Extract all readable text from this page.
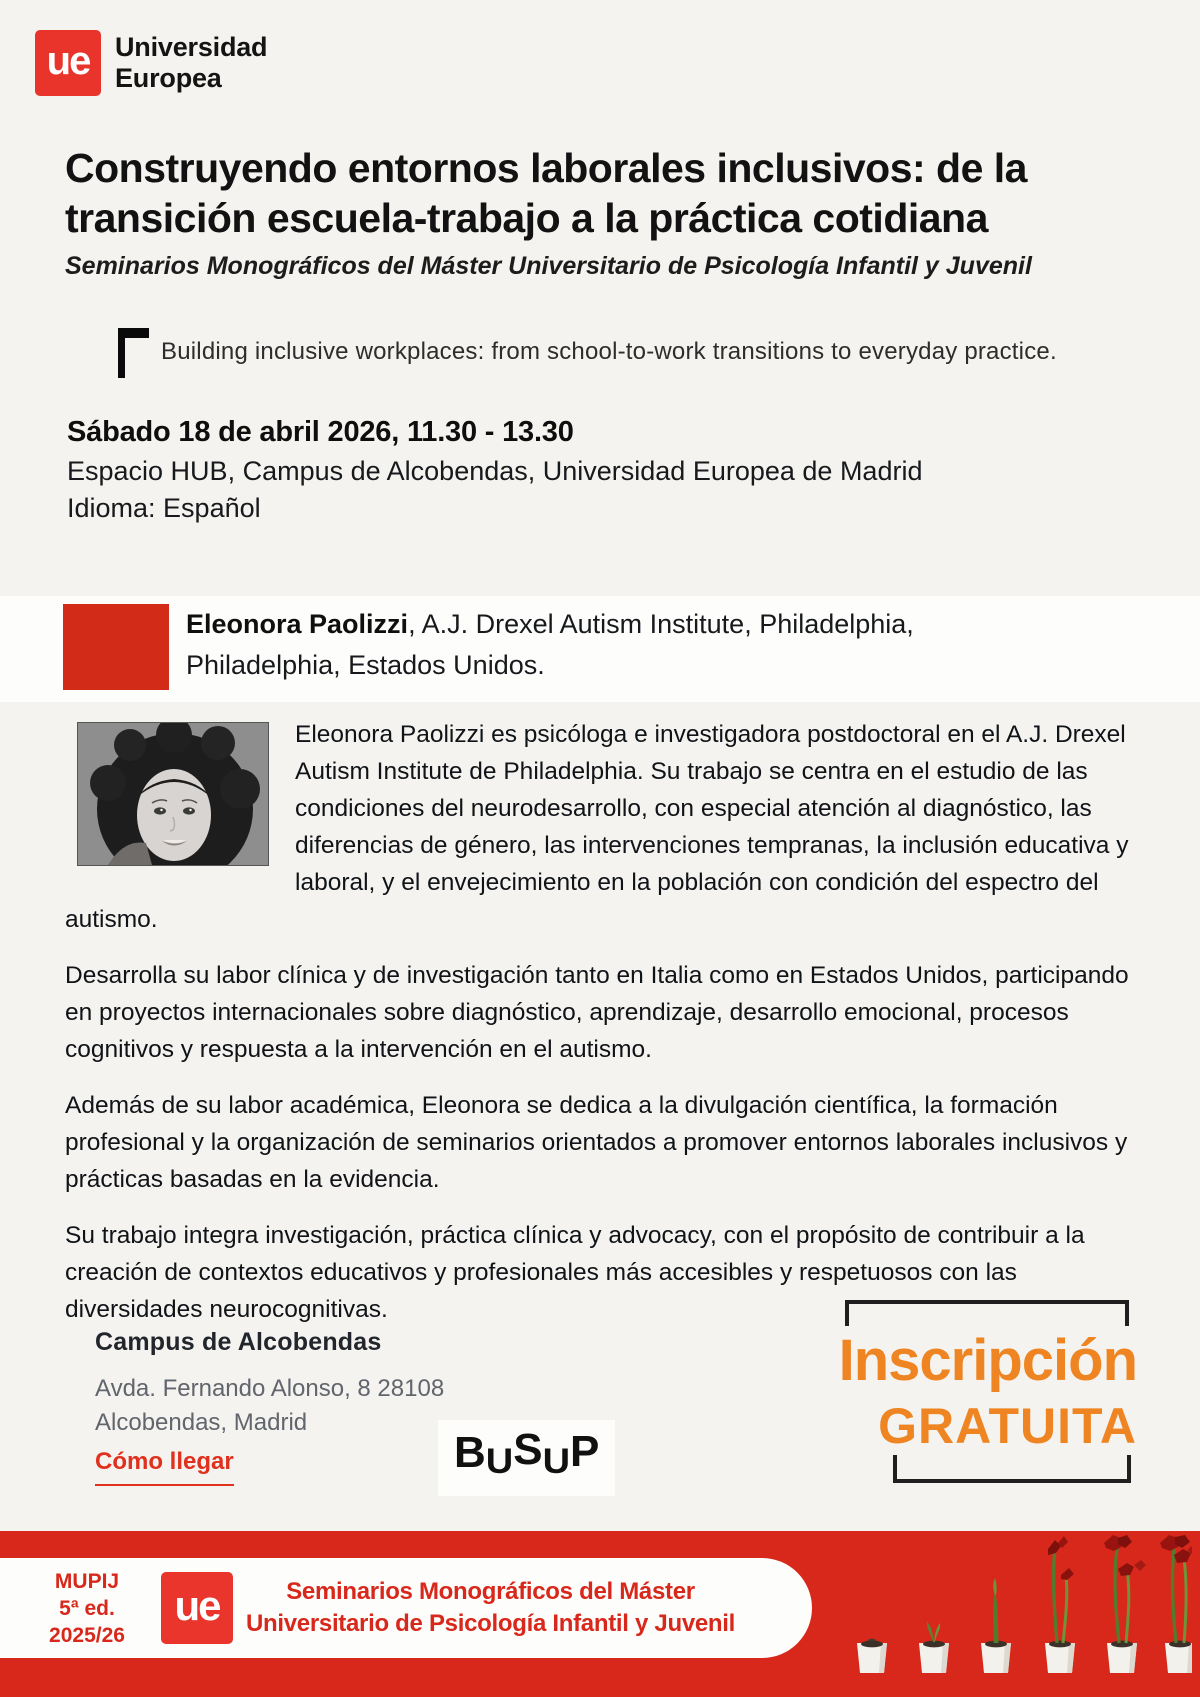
ue Universidad
Europea
Construyendo entornos laborales inclusivos: de la
transición escuela-trabajo a la práctica cotidiana
Seminarios Monográficos del Máster Universitario de Psicología Infantil y Juvenil
Building inclusive workplaces: from school-to-work transitions to everyday practice.
Sábado 18 de abril 2026, 11.30 - 13.30
Espacio HUB, Campus de Alcobendas, Universidad Europea de Madrid
Idioma: Español
Eleonora Paolizzi, A.J. Drexel Autism Institute, Philadelphia, Philadelphia, Estados Unidos.

Eleonora Paolizzi es psicóloga e investigadora postdoctoral en el A.J. Drexel Autism Institute de Philadelphia. Su trabajo se centra en el estudio de las condiciones del neurodesarrollo, con especial atención al diagnóstico, las diferencias de género, las intervenciones tempranas, la inclusión educativa y laboral, y el envejecimiento en la población con condición del espectro del autismo.

Desarrolla su labor clínica y de investigación tanto en Italia como en Estados Unidos, participando en proyectos internacionales sobre diagnóstico, aprendizaje, desarrollo emocional, procesos cognitivos y respuesta a la intervención en el autismo.

Además de su labor académica, Eleonora se dedica a la divulgación científica, la formación profesional y la organización de seminarios orientados a promover entornos laborales inclusivos y prácticas basadas en la evidencia.

Su trabajo integra investigación, práctica clínica y advocacy, con el propósito de contribuir a la creación de contextos educativos y profesionales más accesibles y respetuosos con las diversidades neurocognitivas.

Campus de Alcobendas
Avda. Fernando Alonso, 8 28108
Alcobendas, Madrid
Cómo llegar	BUSUP
Inscripción
GRATUITA
MUPIJ
5ª ed. 2025/26
ue	Seminarios Monográficos del Máster
Universitario de Psicología Infantil y Juvenil
